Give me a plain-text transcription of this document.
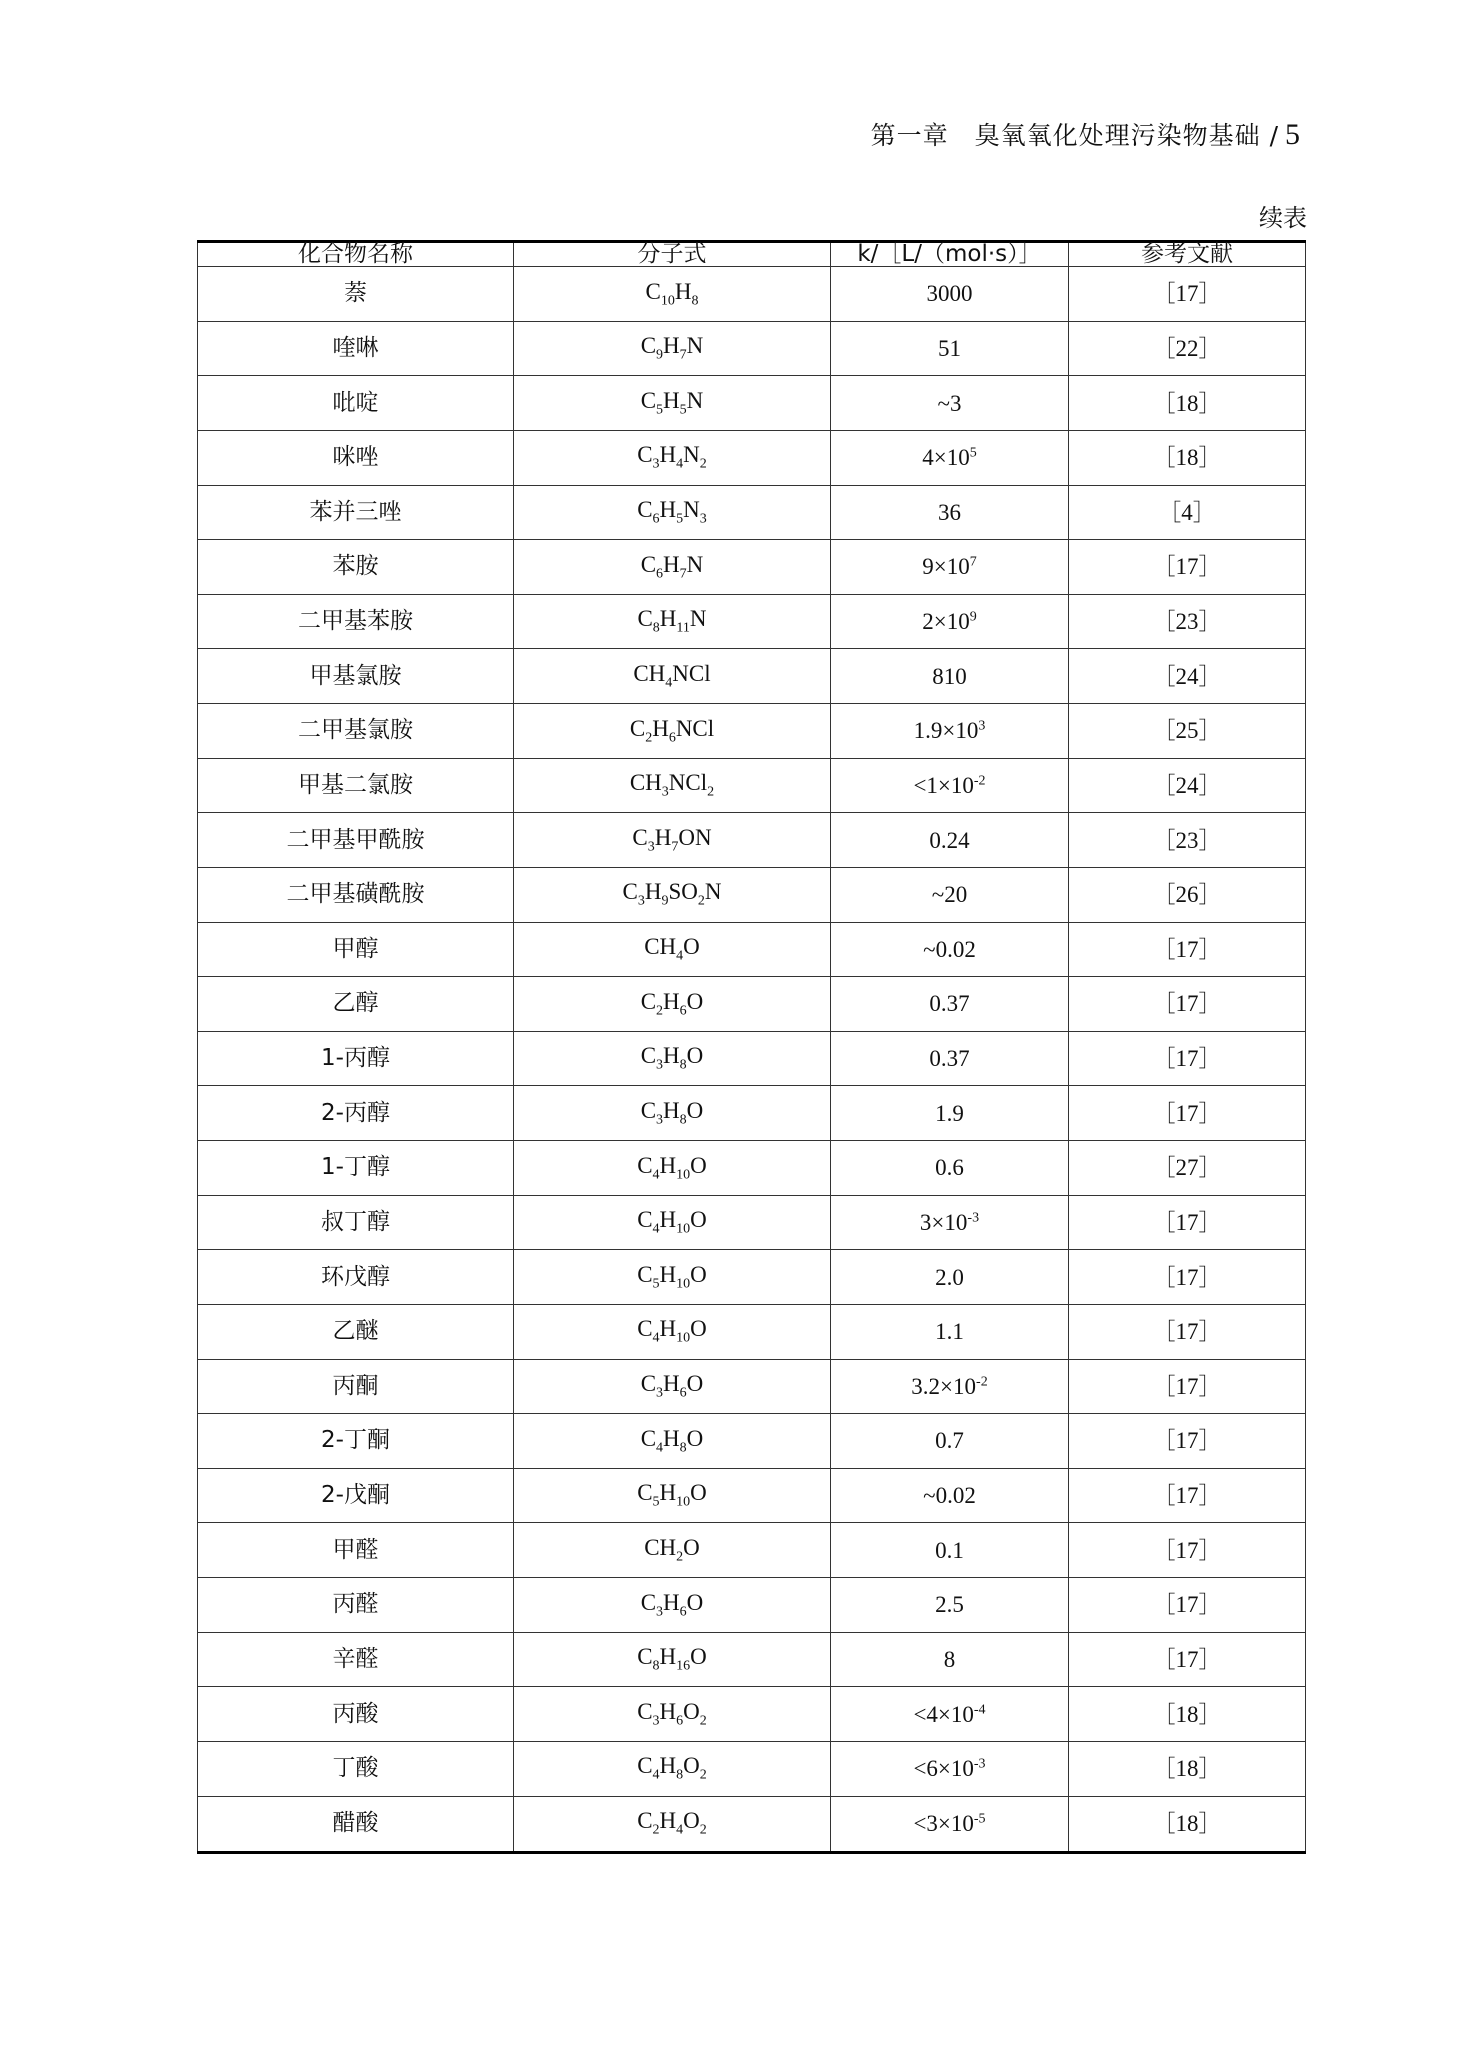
第一章　臭氧氧化处理污染物基础 / 5
续表
化合物名称	分子式	k/［L/（mol·s）］	参考文献
萘	$C_{10}H_8$	3000	［17］
喹啉	$C_9H_7N$	51	［22］
吡啶	$C_5H_5N$	~3	［18］
咪唑	$C_3H_4N_2$	$4\times 10^5$	［18］
苯并三唑	$C_6H_5N_3$	36	［4］
苯胺	$C_6H_7N$	$9\times 10^7$	［17］
二甲基苯胺	$C_8H_{11}N$	$2\times 10^9$	［23］
甲基氯胺	$CH_4NCl$	810	［24］
二甲基氯胺	$C_2H_6NCl$	$1.9\times 10^3$	［25］
甲基二氯胺	$CH_3NCl_2$	$<1\times 10^{-2}$	［24］
二甲基甲酰胺	$C_3H_7ON$	0.24	［23］
二甲基磺酰胺	$C_3H_9SO_2N$	~20	［26］
甲醇	$CH_4O$	~0.02	［17］
乙醇	$C_2H_6O$	0.37	［17］
1-丙醇	$C_3H_8O$	0.37	［17］
2-丙醇	$C_3H_8O$	1.9	［17］
1-丁醇	$C_4H_{10}O$	0.6	［27］
叔丁醇	$C_4H_{10}O$	$3\times 10^{-3}$	［17］
环戊醇	$C_5H_{10}O$	2.0	［17］
乙醚	$C_4H_{10}O$	1.1	［17］
丙酮	$C_3H_6O$	$3.2\times 10^{-2}$	［17］
2-丁酮	$C_4H_8O$	0.7	［17］
2-戊酮	$C_5H_{10}O$	~0.02	［17］
甲醛	$CH_2O$	0.1	［17］
丙醛	$C_3H_6O$	2.5	［17］
辛醛	$C_8H_{16}O$	8	［17］
丙酸	$C_3H_6O_2$	$<4\times 10^{-4}$	［18］
丁酸	$C_4H_8O_2$	$<6\times 10^{-3}$	［18］
醋酸	$C_2H_4O_2$	$<3\times 10^{-5}$	［18］
